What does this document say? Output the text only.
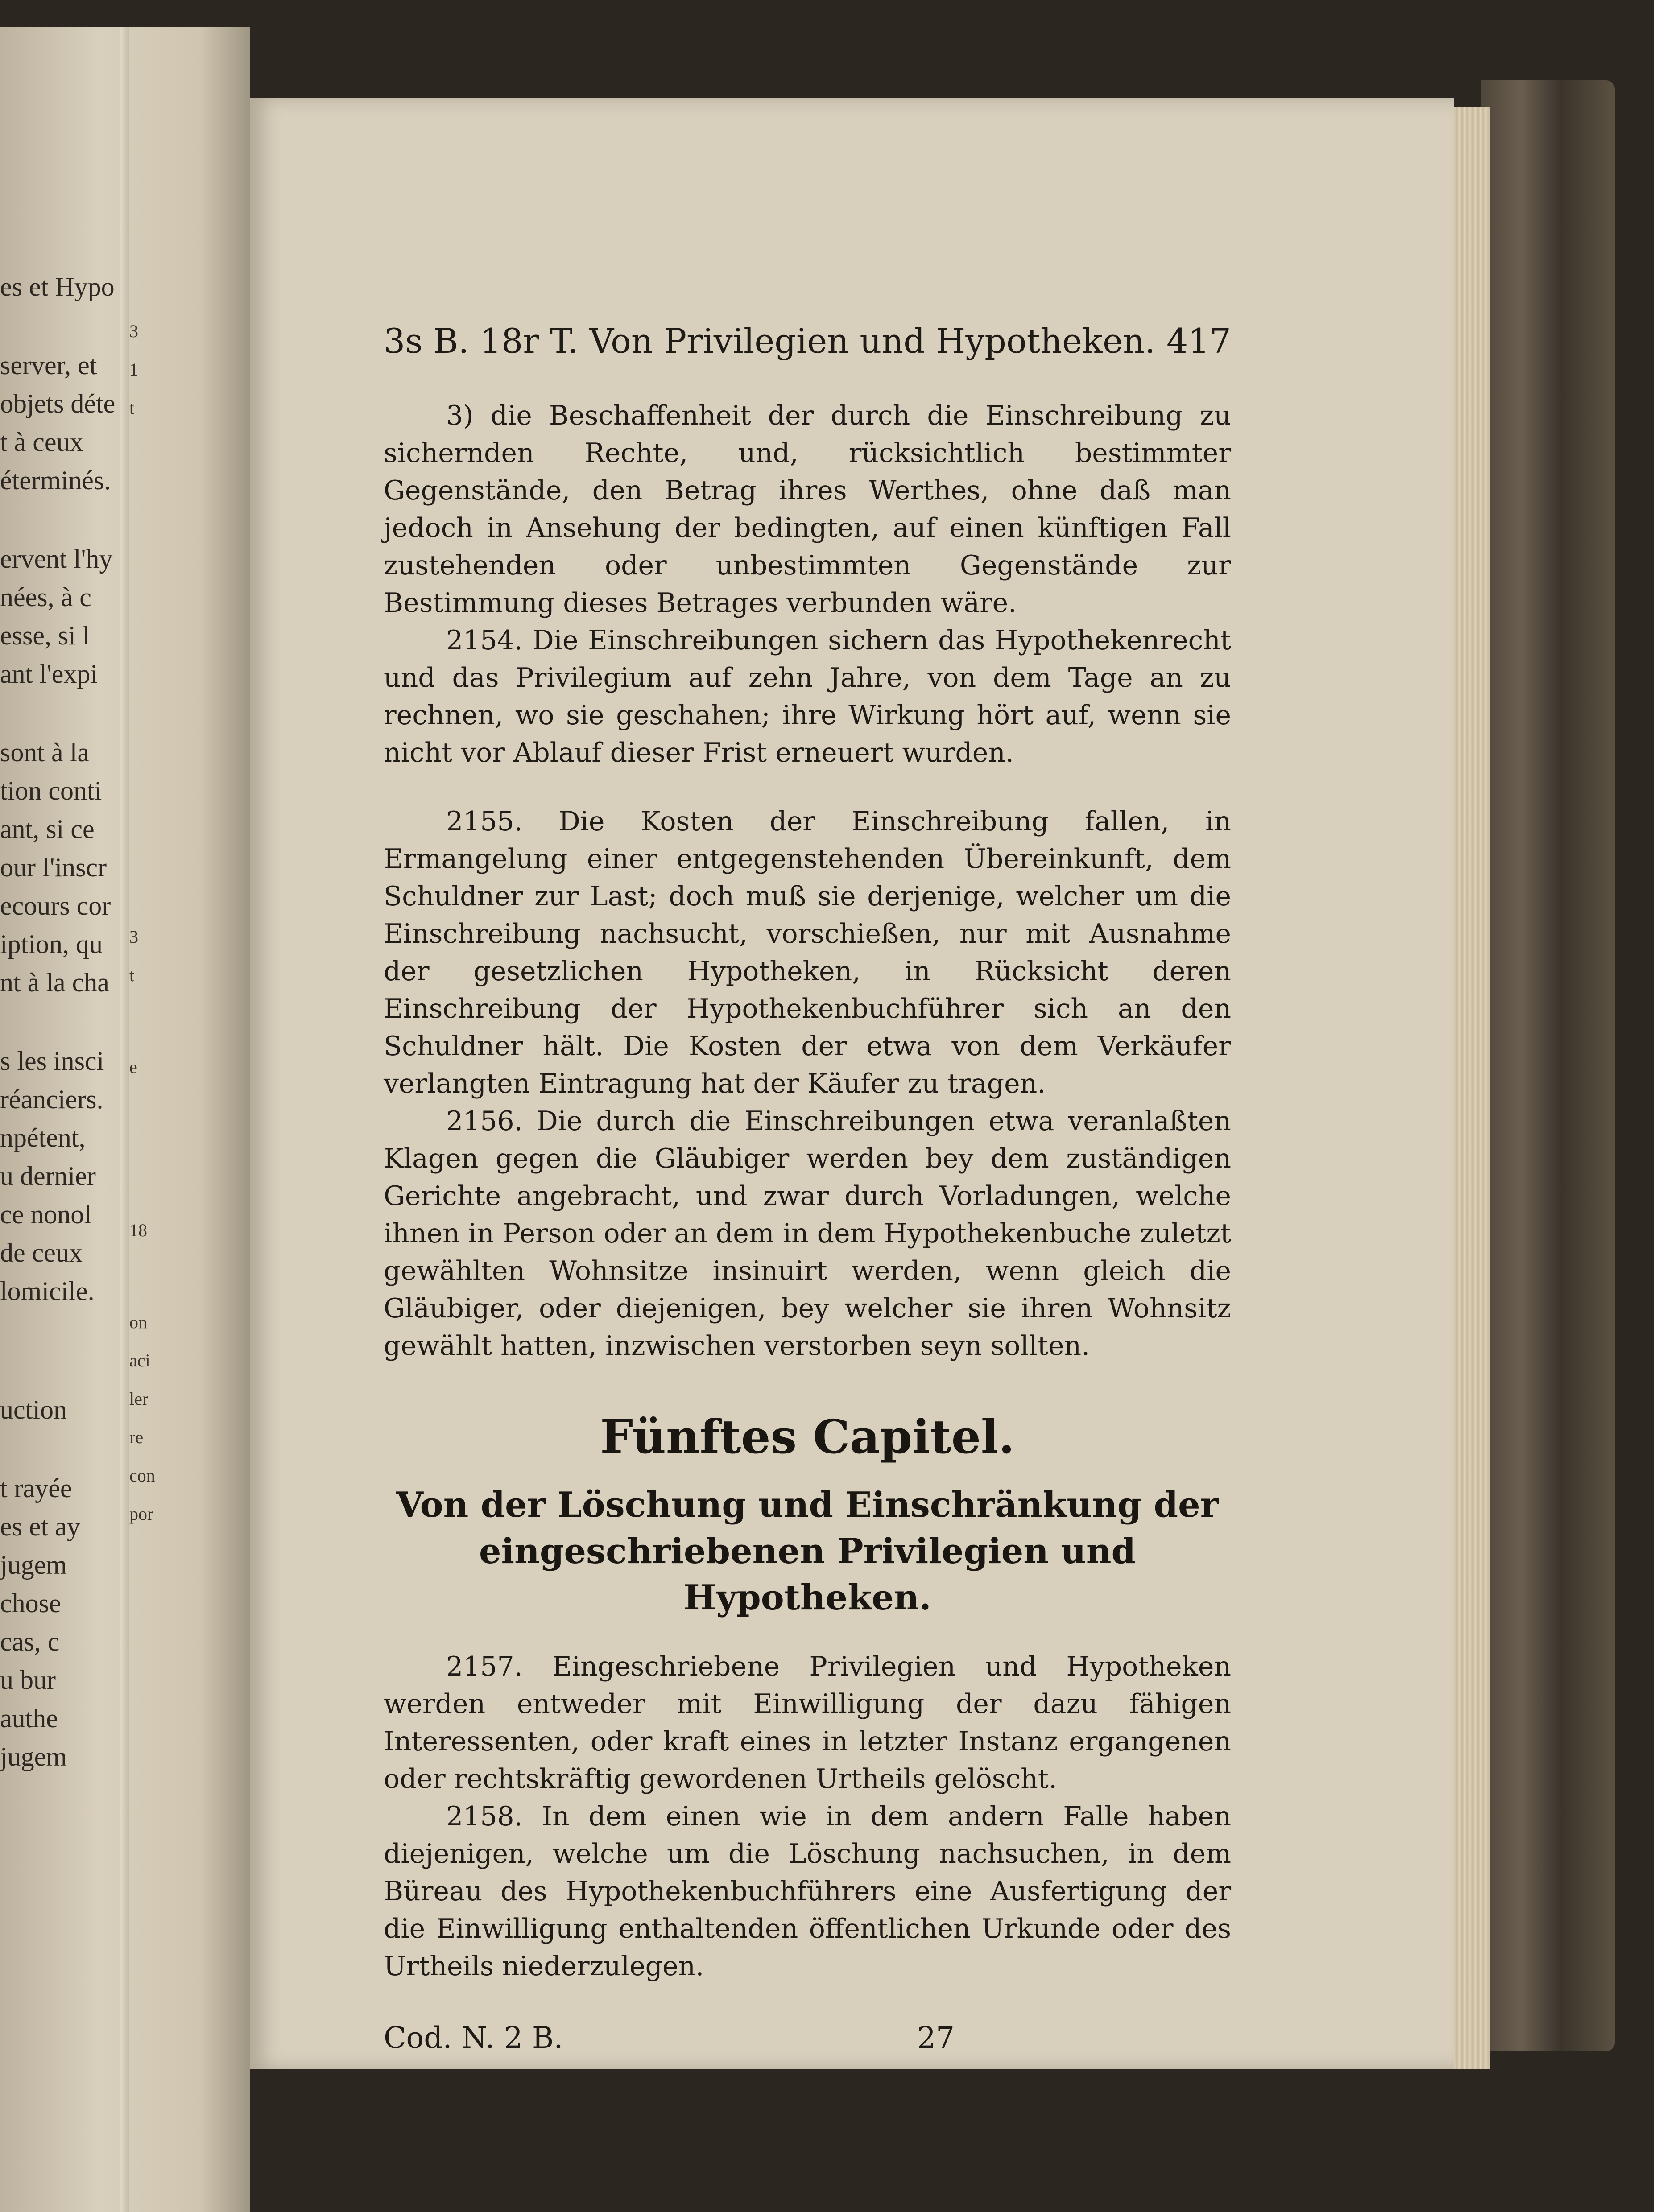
es et Hypo
server, et
objets déte
t à ceux
éterminés.
ervent l'hy
nées, à c
esse, si l
ant l'expi
sont à la
tion conti
ant, si ce
our l'inscr
ecours cor
iption, qu
nt à la cha
s les insci
réanciers.
npétent,
u dernier
ce nonol
de ceux
lomicile.
uction
t rayée
es et ay
jugem
chose
cas, c
u bur
authe
jugem
3
1
t
3
t
e
18
on
aci
ler
re
con
por
3s B. 18r T. Von Privilegien und Hypotheken. 417

3) die Beschaffenheit der durch die Einschreibung zu sichernden Rechte, und, rücksichtlich bestimmter Gegenstände, den Betrag ihres Werthes, ohne daß man jedoch in Ansehung der bedingten, auf einen künftigen Fall zustehenden oder unbestimmten Gegenstände zur Bestimmung dieses Betrages verbunden wäre.

2154. Die Einschreibungen sichern das Hypothekenrecht und das Privilegium auf zehn Jahre, von dem Tage an zu rechnen, wo sie geschahen; ihre Wirkung hört auf, wenn sie nicht vor Ablauf dieser Frist erneuert wurden.

2155. Die Kosten der Einschreibung fallen, in Ermangelung einer entgegenstehenden Übereinkunft, dem Schuldner zur Last; doch muß sie derjenige, welcher um die Einschreibung nachsucht, vorschießen, nur mit Ausnahme der gesetzlichen Hypotheken, in Rücksicht deren Einschreibung der Hypothekenbuchführer sich an den Schuldner hält. Die Kosten der etwa von dem Verkäufer verlangten Eintragung hat der Käufer zu tragen.

2156. Die durch die Einschreibungen etwa veranlaßten Klagen gegen die Gläubiger werden bey dem zuständigen Gerichte angebracht, und zwar durch Vorladungen, welche ihnen in Person oder an dem in dem Hypothekenbuche zuletzt gewählten Wohnsitze insinuirt werden, wenn gleich die Gläubiger, oder diejenigen, bey welcher sie ihren Wohnsitz gewählt hatten, inzwischen verstorben seyn sollten.

Fünftes Capitel.
Von der Löschung und Einschränkung der eingeschriebenen Privilegien und Hypotheken.

2157. Eingeschriebene Privilegien und Hypotheken werden entweder mit Einwilligung der dazu fähigen Interessenten, oder kraft eines in letzter Instanz ergangenen oder rechtskräftig gewordenen Urtheils gelöscht.

2158. In dem einen wie in dem andern Falle haben diejenigen, welche um die Löschung nachsuchen, in dem Büreau des Hypothekenbuchführers eine Ausfertigung der die Einwilligung enthaltenden öffentlichen Urkunde oder des Urtheils niederzulegen.

Cod. N. 2 B.	27
